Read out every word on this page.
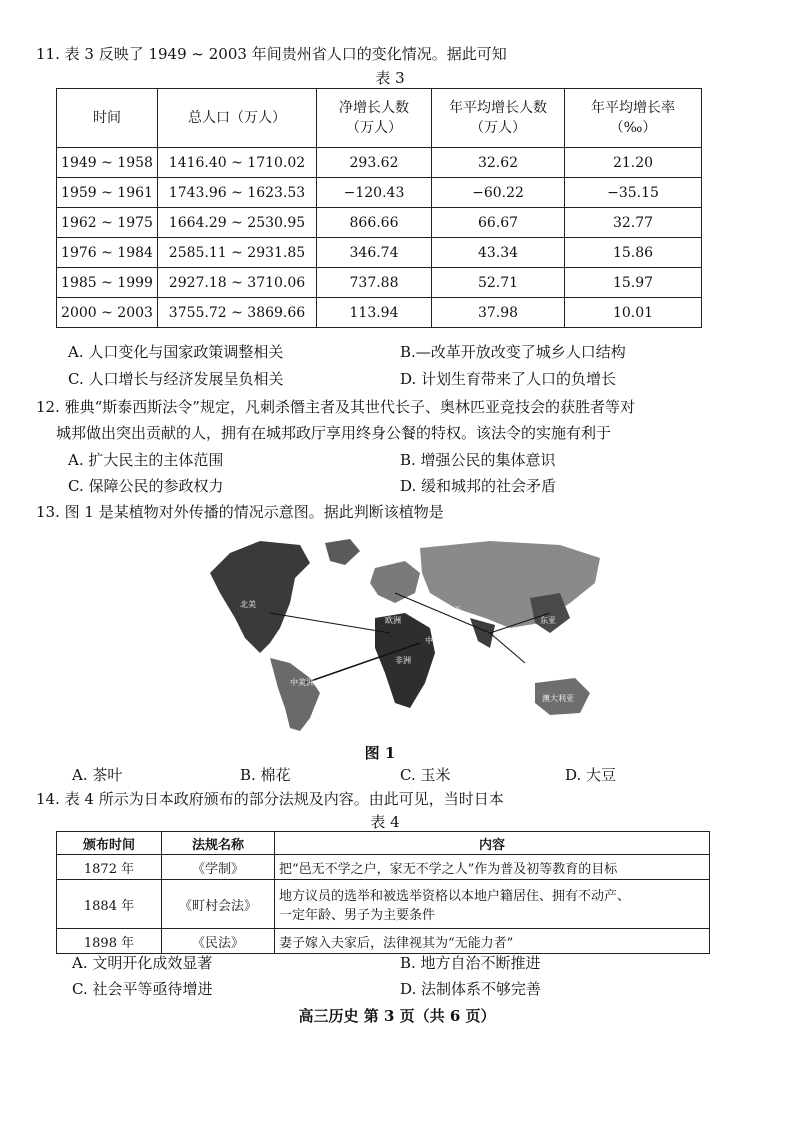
11. 表 3 反映了 1949 ~ 2003 年间贵州省人口的变化情况。据此可知
表 3
时间	总人口（万人）	净增长人数（万人）	年平均增长人数（万人）	年平均增长率（‰）

1949 ~ 1958	1416.40 ~ 1710.02	293.62	32.62	21.20
1959 ~ 1961	1743.96 ~ 1623.53	−120.43	−60.22	−35.15
1962 ~ 1975	1664.29 ~ 2530.95	866.66	66.67	32.77
1976 ~ 1984	2585.11 ~ 2931.85	346.74	43.34	15.86
1985 ~ 1999	2927.18 ~ 3710.06	737.88	52.71	15.97
2000 ~ 2003	3755.72 ~ 3869.66	113.94	37.98	10.01
A. 人口变化与国家政策调整相关	B.—改革开放改变了城乡人口结构
C. 人口增长与经济发展呈负相关	D. 计划生育带来了人口的负增长
12. 雅典“斯泰西斯法令”规定，凡刺杀僭主者及其世代长子、奥林匹亚竞技会的获胜者等对
城邦做出突出贡献的人，拥有在城邦政厅享用终身公餐的特权。该法令的实施有利于
A. 扩大民主的主体范围	B. 增强公民的集体意识
C. 保障公民的参政权力	D. 缓和城邦的社会矛盾
13. 图 1 是某植物对外传播的情况示意图。据此判断该植物是
北美
中亚
东亚
欧洲
中东
非洲	南亚
中美洲
东南亚
澳大利亚
图 1
A. 茶叶	B. 棉花	C. 玉米	D. 大豆
14. 表 4 所示为日本政府颁布的部分法规及内容。由此可见，当时日本
表 4
颁布时间	法规名称	内容
1872 年	《学制》	把“邑无不学之户，家无不学之人”作为普及初等教育的目标
1884 年	《町村会法》	地方议员的选举和被选举资格以本地户籍居住、拥有不动产、
一定年龄、男子为主要条件

1898 年	《民法》	妻子嫁入夫家后，法律视其为“无能力者”
A. 文明开化成效显著	B. 地方自治不断推进
C. 社会平等亟待增进	D. 法制体系不够完善
高三历史 第 3 页（共 6 页）
